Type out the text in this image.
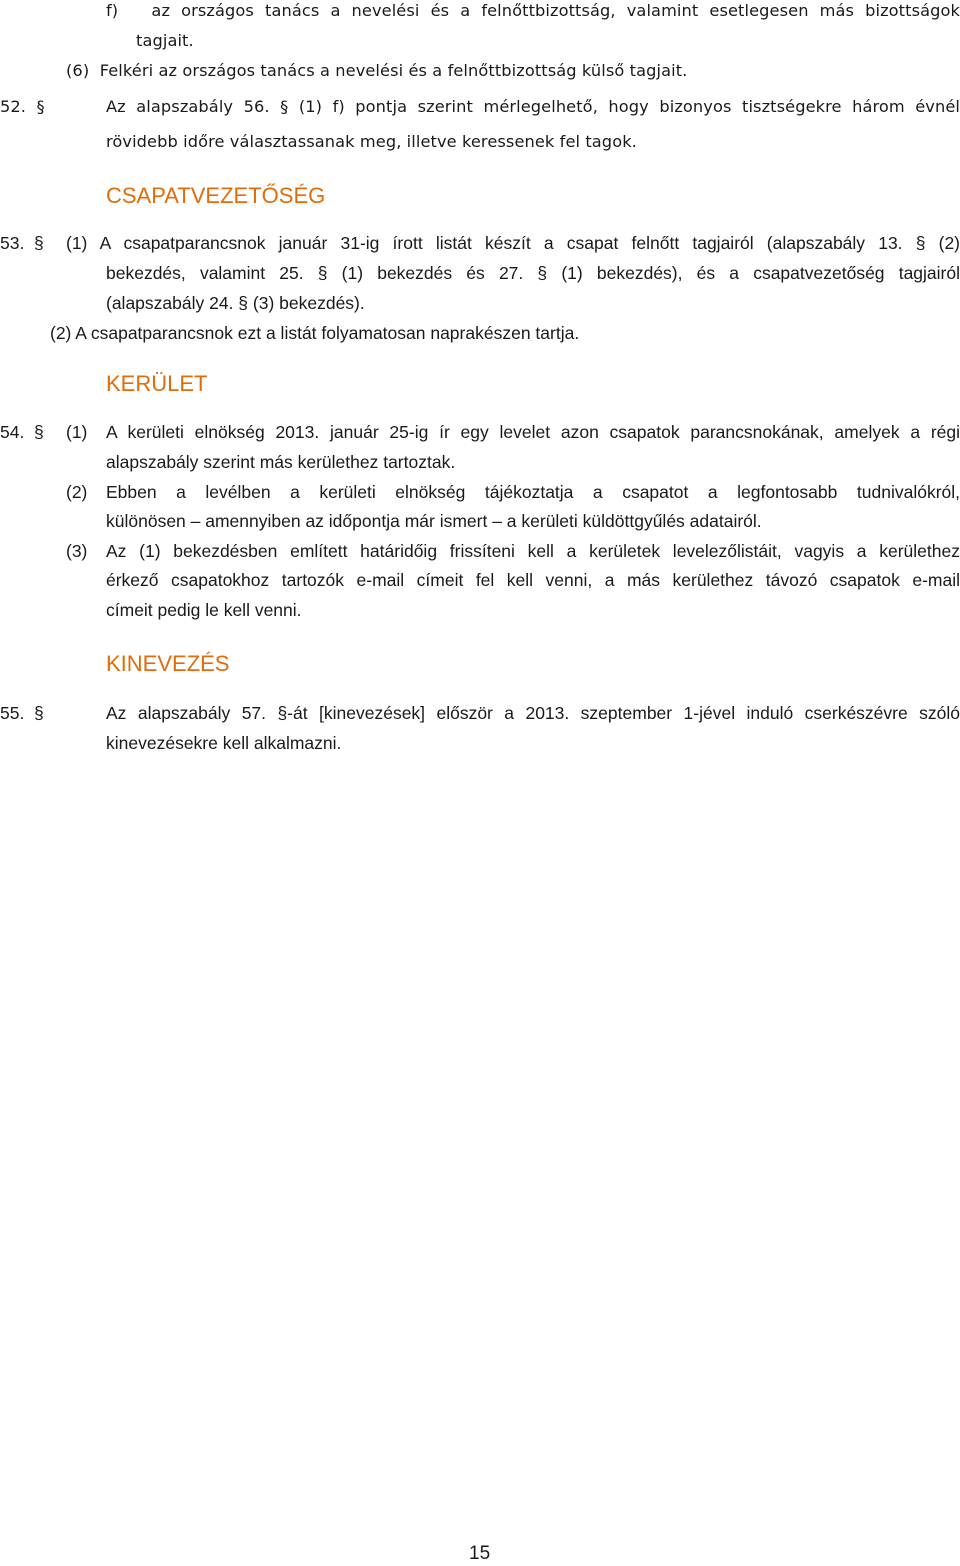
f)   az országos tanács a nevelési és a felnőttbizottság, valamint esetlegesen más bizottságok
tagjait.
(6)  Felkéri az országos tanács a nevelési és a felnőttbizottság külső tagjait.
52.  §	Az alapszabály 56. § (1) f) pontja szerint mérlegelhető, hogy bizonyos tisztségekre három évnél
rövidebb időre választassanak meg, illetve keressenek fel tagok.
CSAPATVEZETŐSÉG
53.  § (1) A csapatparancsnok január 31-ig írott listát készít a csapat felnőtt tagjairól (alapszabály 13. § (2)
bekezdés, valamint 25. § (1) bekezdés és 27. § (1) bekezdés), és a csapatvezetőség tagjairól
(alapszabály 24. § (3) bekezdés).
(2) A csapatparancsnok ezt a listát folyamatosan naprakészen tartja.
KERÜLET
54.  § (1) A kerületi elnökség 2013. január 25-ig ír egy levelet azon csapatok parancsnokának, amelyek a régi
alapszabály szerint más kerülethez tartoztak.
(2) Ebben a levélben a kerületi elnökség tájékoztatja a csapatot a legfontosabb tudnivalókról,
különösen – amennyiben az időpontja már ismert – a kerületi küldöttgyűlés adatairól.
(3) Az (1) bekezdésben említett határidőig frissíteni kell a kerületek levelezőlistáit, vagyis a kerülethez
érkező csapatokhoz tartozók e-mail címeit fel kell venni, a más kerülethez távozó csapatok e-mail
címeit pedig le kell venni.
KINEVEZÉS
55.  §	Az alapszabály 57. §-át [kinevezések] először a 2013. szeptember 1-jével induló cserkészévre szóló
kinevezésekre kell alkalmazni.
15
